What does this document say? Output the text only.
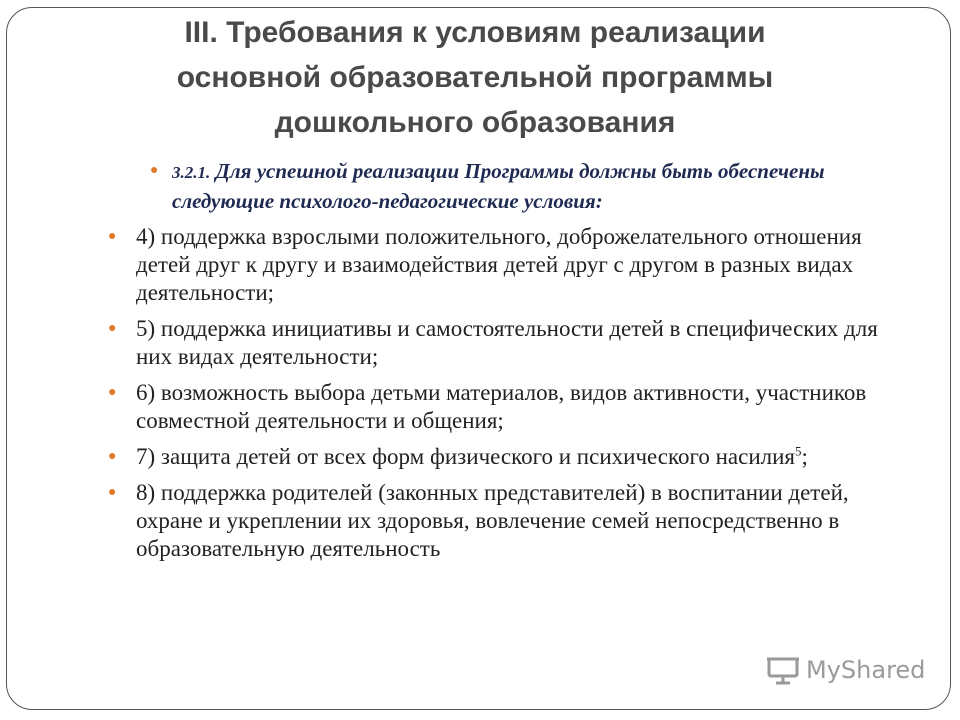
III. Требования к условиям реализации
основной образовательной программы
дошкольного образования
● 3.2.1. Для успешной реализации Программы должны быть обеспечены следующие психолого-педагогические условия:
● 4) поддержка взрослыми положительного, доброжелательного отношения детей друг к другу и взаимодействия детей друг с другом в разных видах деятельности;
● 5) поддержка инициативы и самостоятельности детей в специфических для них видах деятельности;
● 6) возможность выбора детьми материалов, видов активности, участников совместной деятельности и общения;
● 7) защита детей от всех форм физического и психического насилия$^5$;
● 8) поддержка родителей (законных представителей) в воспитании детей, охране и укреплении их здоровья, вовлечение семей непосредственно в образовательную деятельность
MyShared
